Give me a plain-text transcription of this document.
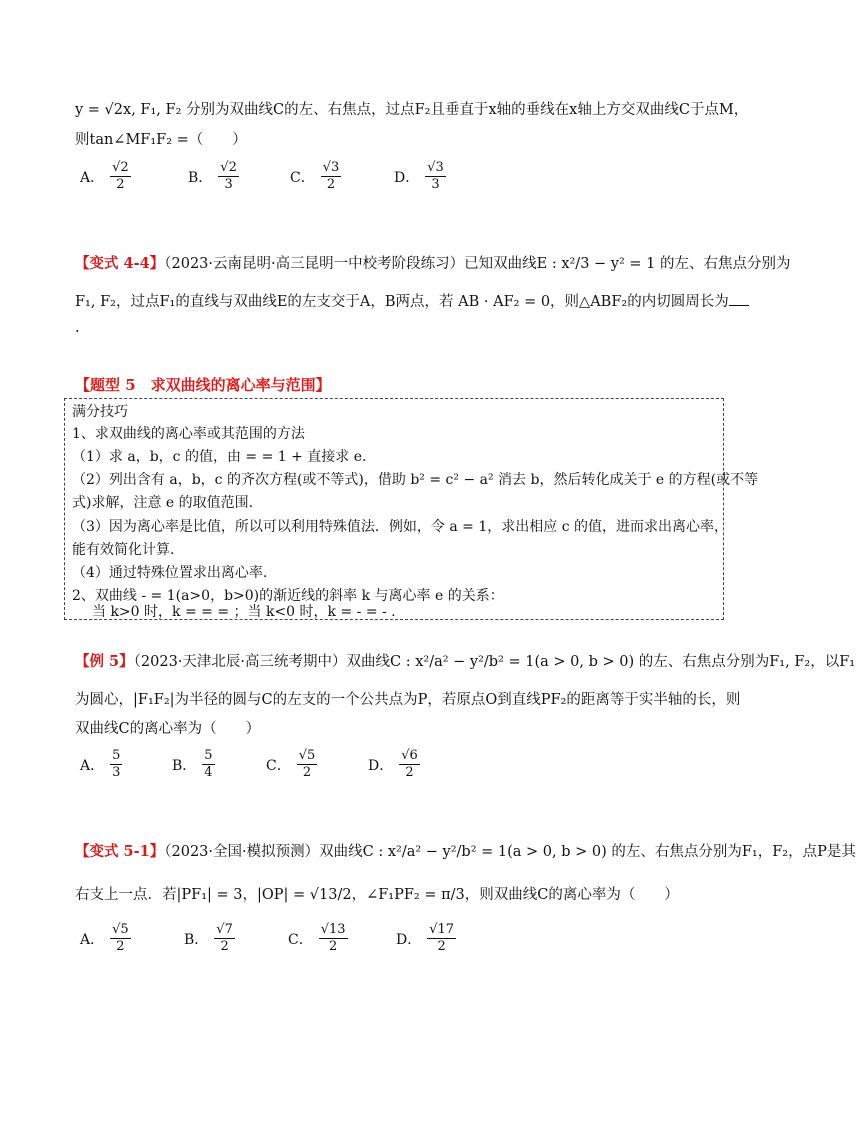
y = √2x, F₁, F₂ 分别为双曲线C的左、右焦点，过点F₂且垂直于x轴的垂线在x轴上方交双曲线C于点M，
则tan∠MF₁F₂ =（　　）
A． $\frac{√2}{2}$	B． $\frac{√2}{3}$	C． $\frac{√3}{2}$	D． $\frac{√3}{3}$
【变式 4-4】（2023·云南昆明·高三昆明一中校考阶段练习）已知双曲线E : x²/3 − y² = 1 的左、右焦点分别为
F₁, F₂，过点F₁的直线与双曲线E的左支交于A，B两点，若 AB · AF₂ = 0，则△ABF₂的内切圆周长为
.
【题型 5　求双曲线的离心率与范围】
满分技巧
1、求双曲线的离心率或其范围的方法
（1）求 a，b，c 的值，由 = = 1 + 直接求 e.
（2）列出含有 a，b，c 的齐次方程(或不等式)，借助 b² = c² − a² 消去 b，然后转化成关于 e 的方程(或不等
式)求解，注意 e 的取值范围.
（3）因为离心率是比值，所以可以利用特殊值法．例如，令 a = 1，求出相应 c 的值，进而求出离心率，
能有效简化计算.
（4）通过特殊位置求出离心率.
2、双曲线 - = 1(a>0，b>0)的渐近线的斜率 k 与离心率 e 的关系：
当 k>0 时，k = = = ；当 k<0 时，k = - = - .
【例 5】（2023·天津北辰·高三统考期中）双曲线C : x²/a² − y²/b² = 1(a > 0, b > 0) 的左、右焦点分别为F₁, F₂，以F₁
为圆心，|F₁F₂|为半径的圆与C的左支的一个公共点为P，若原点O到直线PF₂的距离等于实半轴的长，则
双曲线C的离心率为（　　）
A． $\frac{5}{3}$	B． $\frac{5}{4}$	C． $\frac{√5}{2}$	D． $\frac{√6}{2}$
【变式 5-1】（2023·全国·模拟预测）双曲线C : x²/a² − y²/b² = 1(a > 0, b > 0) 的左、右焦点分别为F₁，F₂，点P是其
右支上一点．若|PF₁| = 3，|OP| = √13/2，∠F₁PF₂ = π/3，则双曲线C的离心率为（　　）
A． $\frac{√5}{2}$	B． $\frac{√7}{2}$	C． $\frac{√13}{2}$	D． $\frac{√17}{2}$
